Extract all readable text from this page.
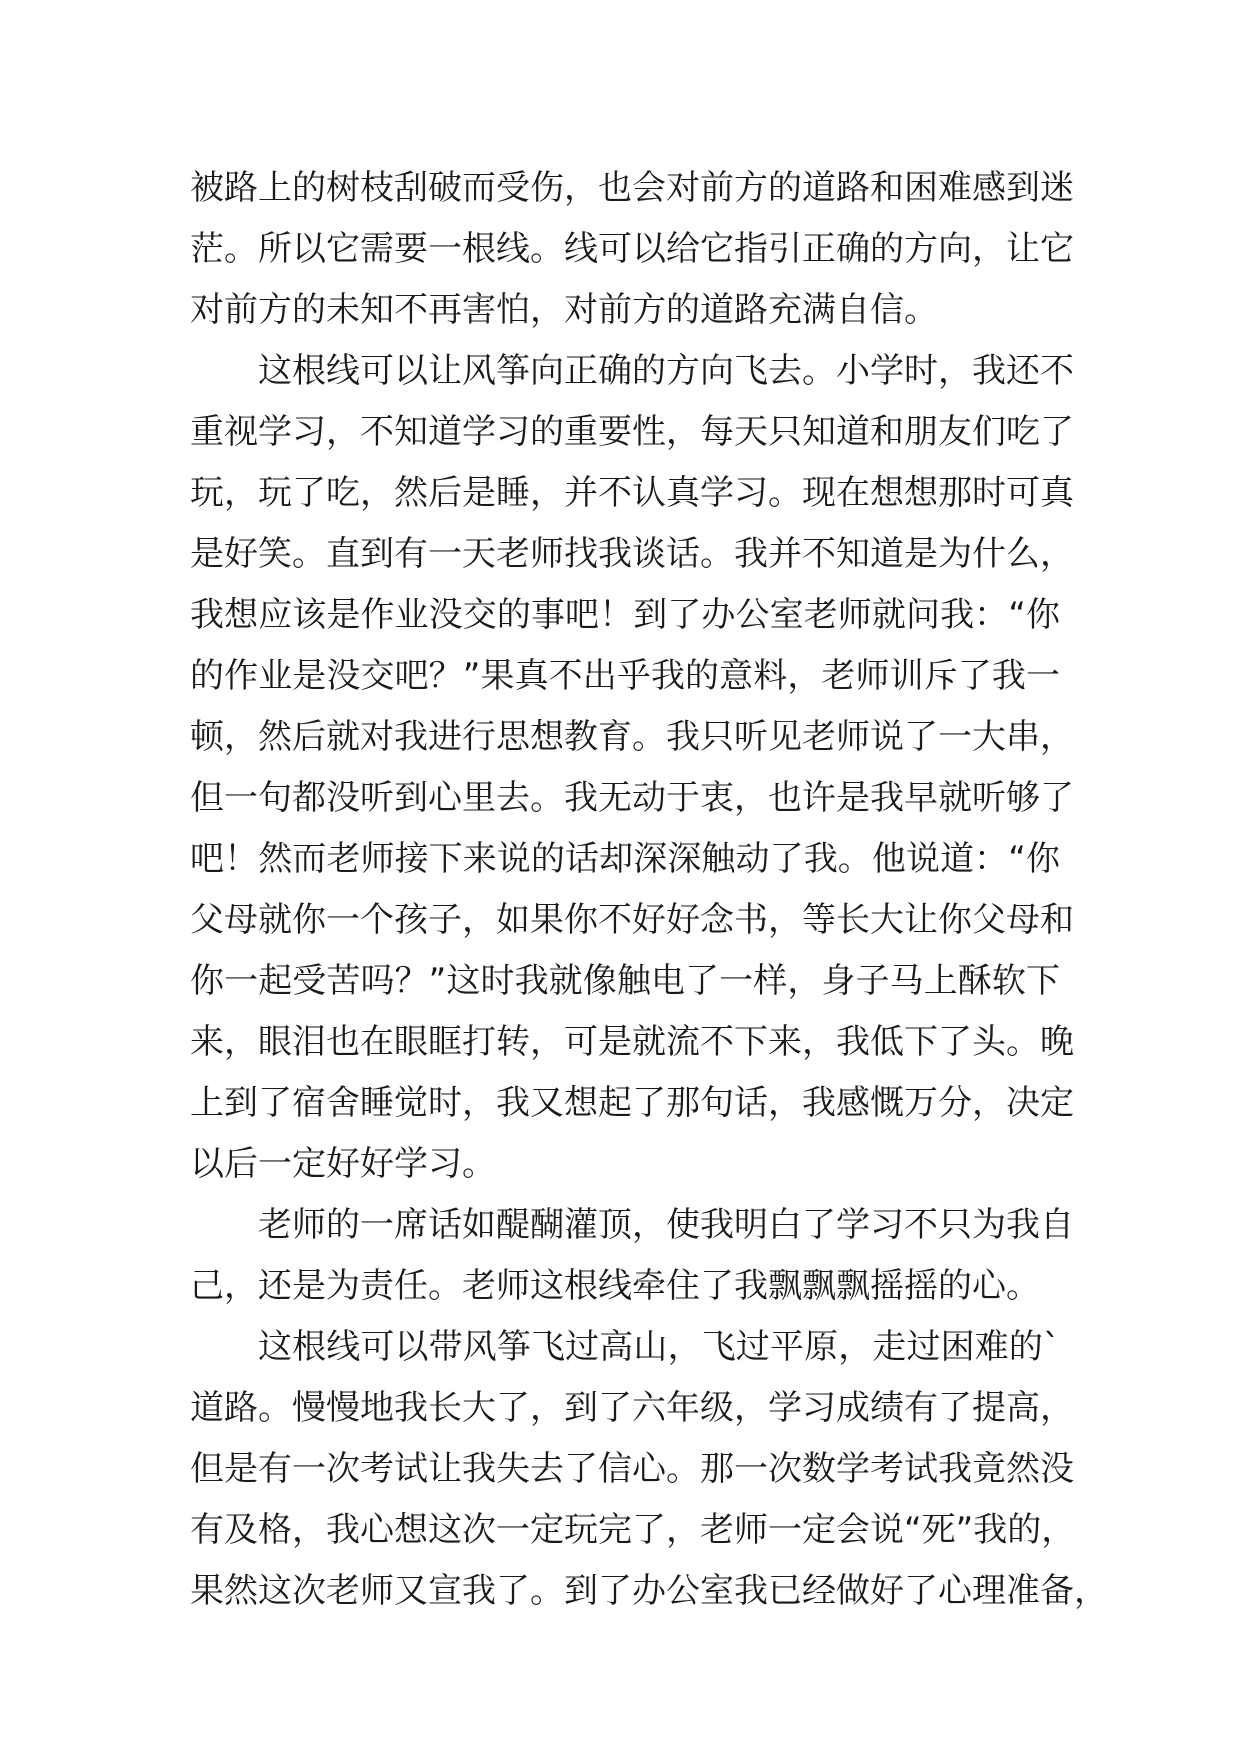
被路上的树枝刮破而受伤，也会对前方的道路和困难感到迷
茫。所以它需要一根线。线可以给它指引正确的方向，让它
对前方的未知不再害怕，对前方的道路充满自信。
这根线可以让风筝向正确的方向飞去。小学时，我还不
重视学习，不知道学习的重要性，每天只知道和朋友们吃了
玩，玩了吃，然后是睡，并不认真学习。现在想想那时可真
是好笑。直到有一天老师找我谈话。我并不知道是为什么，
我想应该是作业没交的事吧！到了办公室老师就问我：“你
的作业是没交吧？”果真不出乎我的意料，老师训斥了我一
顿，然后就对我进行思想教育。我只听见老师说了一大串，
但一句都没听到心里去。我无动于衷，也许是我早就听够了
吧！然而老师接下来说的话却深深触动了我。他说道：“你
父母就你一个孩子，如果你不好好念书，等长大让你父母和
你一起受苦吗？”这时我就像触电了一样，身子马上酥软下
来，眼泪也在眼眶打转，可是就流不下来，我低下了头。晚
上到了宿舍睡觉时，我又想起了那句话，我感慨万分，决定
以后一定好好学习。
老师的一席话如醍醐灌顶，使我明白了学习不只为我自
己，还是为责任。老师这根线牵住了我飘飘飘摇摇的心。
这根线可以带风筝飞过高山，飞过平原，走过困难的`
道路。慢慢地我长大了，到了六年级，学习成绩有了提高，
但是有一次考试让我失去了信心。那一次数学考试我竟然没
有及格，我心想这次一定玩完了，老师一定会说“死”我的，
果然这次老师又宣我了。到了办公室我已经做好了心理准备，
